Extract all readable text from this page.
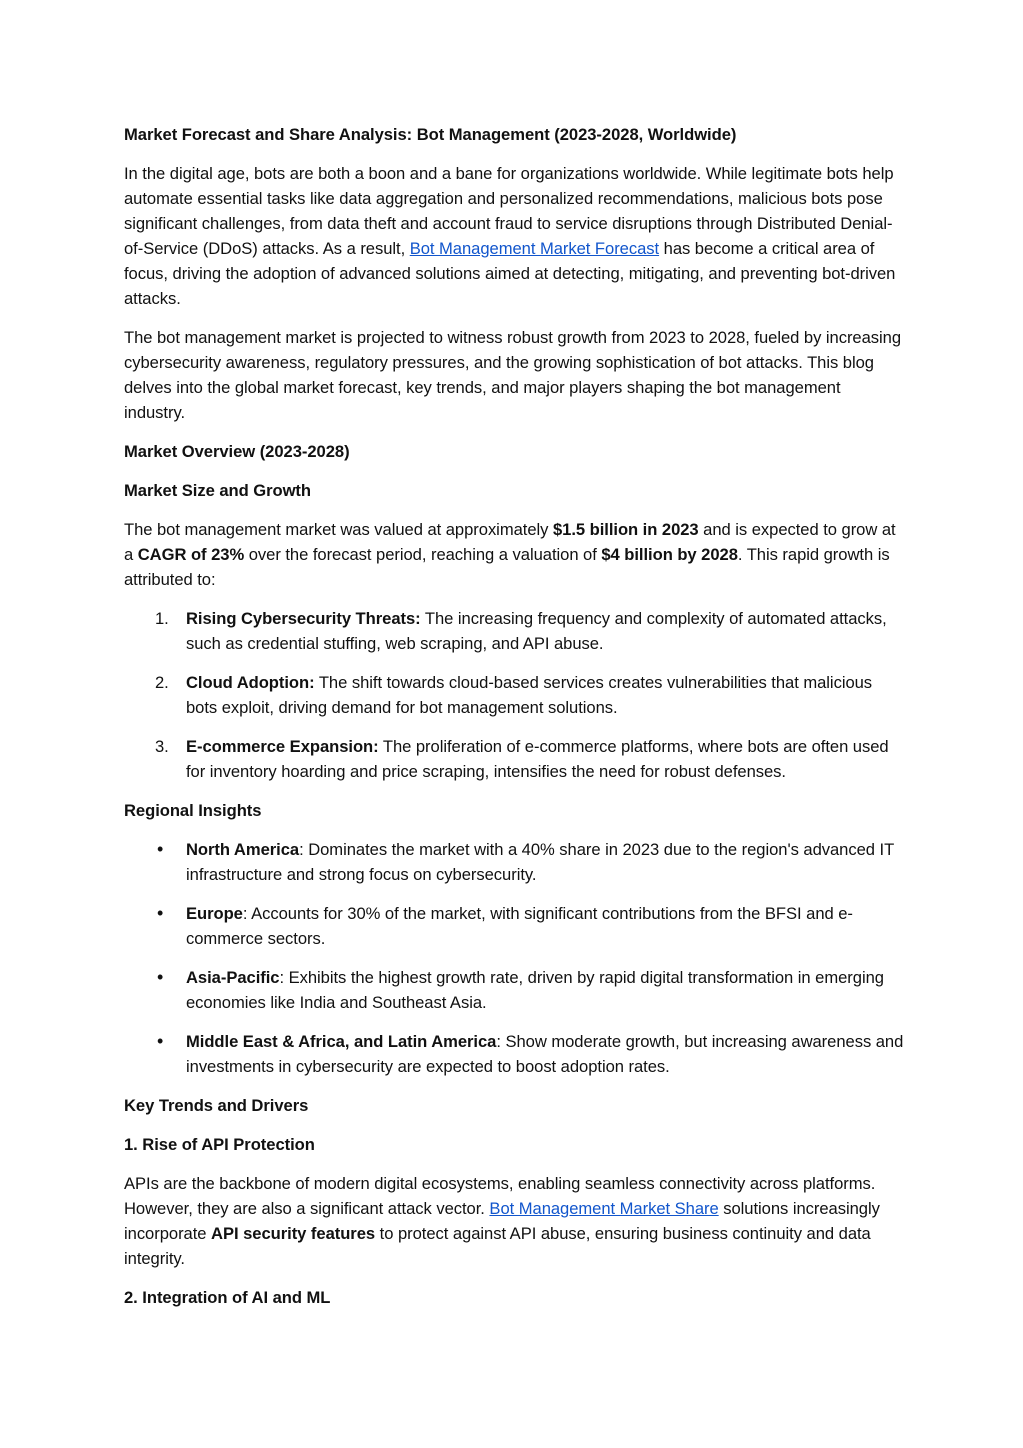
Market Forecast and Share Analysis: Bot Management (2023-2028, Worldwide)

In the digital age, bots are both a boon and a bane for organizations worldwide. While legitimate bots help automate essential tasks like data aggregation and personalized recommendations, malicious bots pose significant challenges, from data theft and account fraud to service disruptions through Distributed Denial-of-Service (DDoS) attacks. As a result, Bot Management Market Forecast has become a critical area of focus, driving the adoption of advanced solutions aimed at detecting, mitigating, and preventing bot-driven attacks.

The bot management market is projected to witness robust growth from 2023 to 2028, fueled by increasing cybersecurity awareness, regulatory pressures, and the growing sophistication of bot attacks. This blog delves into the global market forecast, key trends, and major players shaping the bot management industry.

Market Overview (2023-2028)

Market Size and Growth

The bot management market was valued at approximately $1.5 billion in 2023 and is expected to grow at a CAGR of 23% over the forecast period, reaching a valuation of $4 billion by 2028. This rapid growth is attributed to:

1. Rising Cybersecurity Threats: The increasing frequency and complexity of automated attacks, such as credential stuffing, web scraping, and API abuse.
2. Cloud Adoption: The shift towards cloud-based services creates vulnerabilities that malicious bots exploit, driving demand for bot management solutions.
3. E-commerce Expansion: The proliferation of e-commerce platforms, where bots are often used for inventory hoarding and price scraping, intensifies the need for robust defenses.

Regional Insights

• North America: Dominates the market with a 40% share in 2023 due to the region's advanced IT infrastructure and strong focus on cybersecurity.
• Europe: Accounts for 30% of the market, with significant contributions from the BFSI and e-commerce sectors.
• Asia-Pacific: Exhibits the highest growth rate, driven by rapid digital transformation in emerging economies like India and Southeast Asia.
• Middle East & Africa, and Latin America: Show moderate growth, but increasing awareness and investments in cybersecurity are expected to boost adoption rates.

Key Trends and Drivers

1. Rise of API Protection

APIs are the backbone of modern digital ecosystems, enabling seamless connectivity across platforms. However, they are also a significant attack vector. Bot Management Market Share solutions increasingly incorporate API security features to protect against API abuse, ensuring business continuity and data integrity.

2. Integration of AI and ML
